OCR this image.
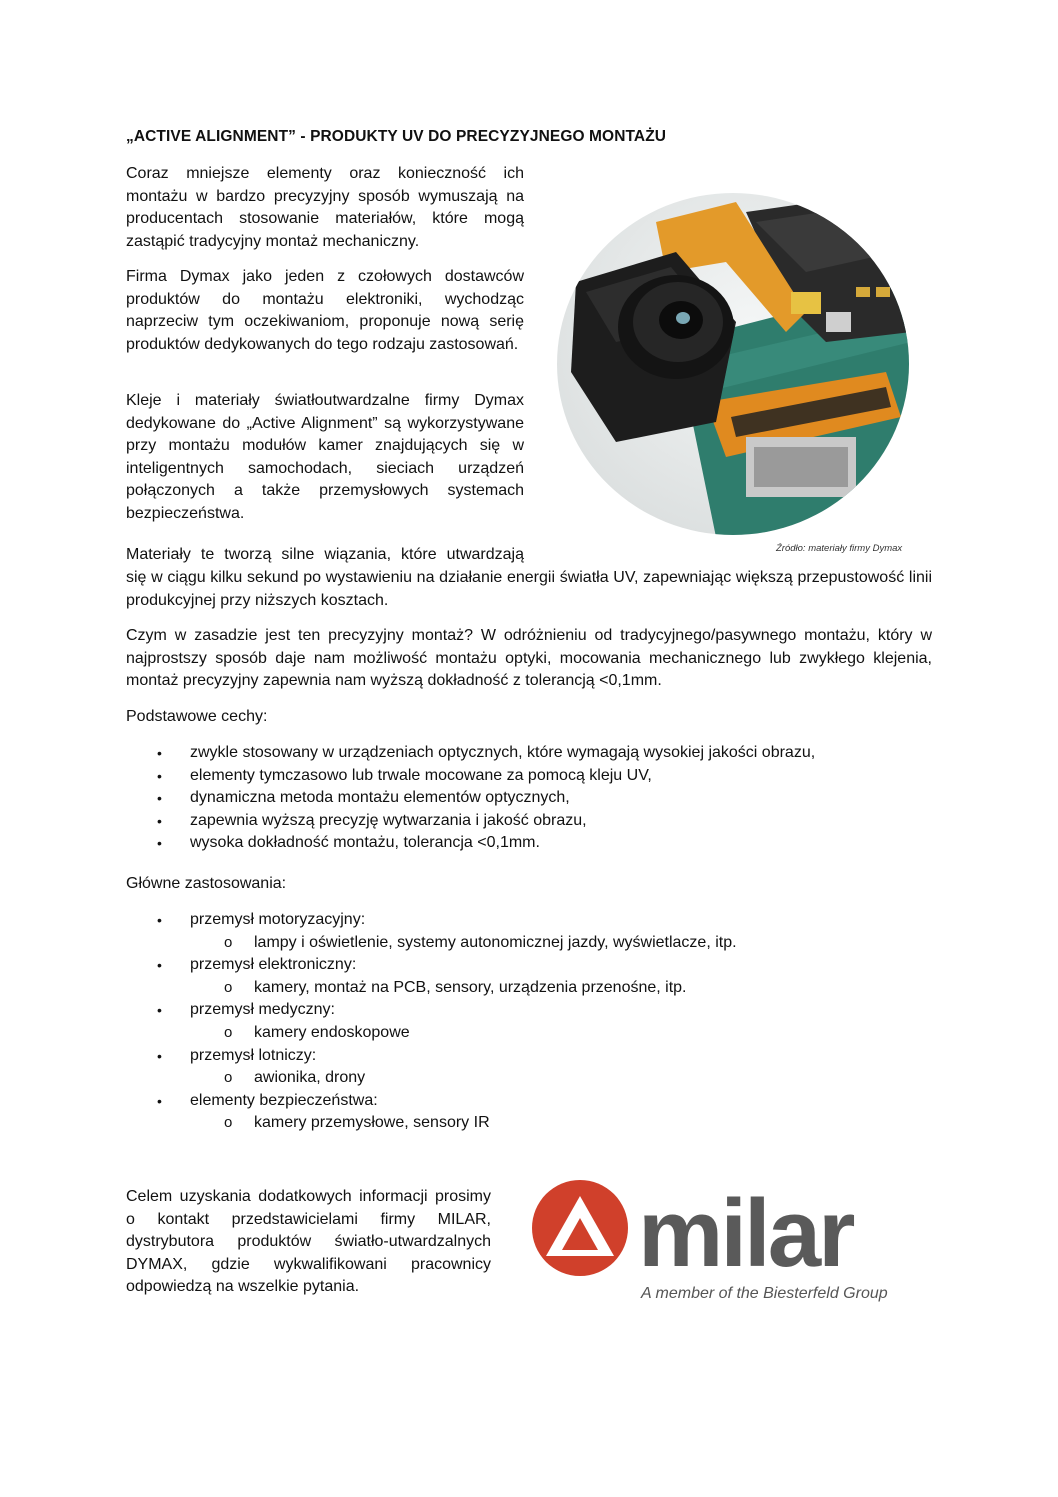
„ACTIVE ALIGNMENT” - PRODUKTY UV DO PRECYZYJNEGO MONTAŻU

Coraz mniejsze elementy oraz konieczność ich montażu w bardzo precyzyjny sposób wymuszają na producentach stosowanie materiałów, które mogą zastąpić tradycyjny montaż mechaniczny.

Firma Dymax jako jeden z czołowych dostawców produktów do montażu elektroniki, wychodząc naprzeciw tym oczekiwaniom, proponuje nową serię produktów dedykowanych do tego rodzaju zastosowań.

Kleje i materiały światłoutwardzalne firmy Dymax dedykowane do „Active Alignment” są wykorzystywane przy montażu modułów kamer znajdujących się w inteligentnych samochodach, sieciach urządzeń połączonych a także przemysłowych systemach bezpieczeństwa.

Źródło: materiały firmy Dymax

Materiały te tworzą silne wiązania, które utwardzają

się w ciągu kilku sekund po wystawieniu na działanie energii światła UV, zapewniając większą przepustowość linii produkcyjnej przy niższych kosztach.

Czym w zasadzie jest ten precyzyjny montaż? W odróżnieniu od tradycyjnego/pasywnego montażu, który w najprostszy sposób daje nam możliwość montażu optyki, mocowania mechanicznego lub zwykłego klejenia, montaż precyzyjny zapewnia nam wyższą dokładność z tolerancją <0,1mm.

Podstawowe cechy:

• zwykle stosowany w urządzeniach optycznych, które wymagają wysokiej jakości obrazu,
• elementy tymczasowo lub trwale mocowane za pomocą kleju UV,
• dynamiczna metoda montażu elementów optycznych,
• zapewnia wyższą precyzję wytwarzania i jakość obrazu,
• wysoka dokładność montażu, tolerancja <0,1mm.

Główne zastosowania:

• przemysł motoryzacyjny:
o lampy i oświetlenie, systemy autonomicznej jazdy, wyświetlacze, itp.
• przemysł elektroniczny:
o kamery, montaż na PCB, sensory, urządzenia przenośne, itp.
• przemysł medyczny:
o kamery endoskopowe
• przemysł lotniczy:
o awionika, drony
• elementy bezpieczeństwa:
o kamery przemysłowe, sensory IR

Celem uzyskania dodatkowych informacji prosimy o kontakt przedstawicielami firmy MILAR, dystrybutora produktów światło-utwardzalnych DYMAX, gdzie wykwalifikowani pracownicy odpowiedzą na wszelkie pytania.	milar
A member of the Biesterfeld Group
